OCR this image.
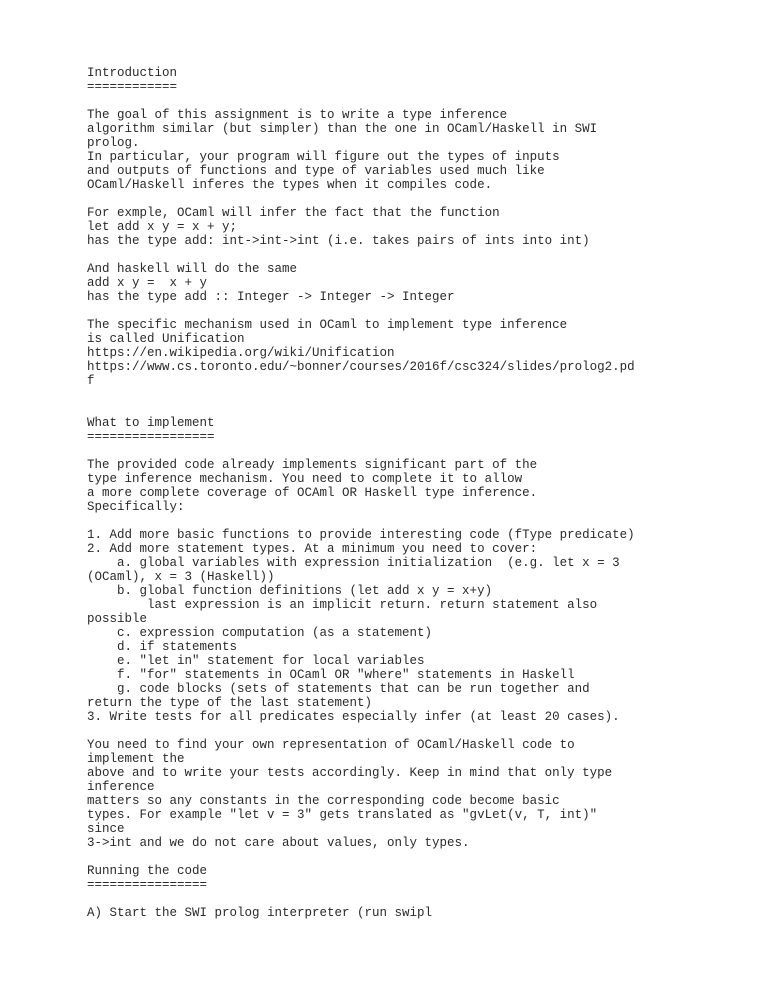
Introduction
============
The goal of this assignment is to write a type inference
algorithm similar (but simpler) than the one in OCaml/Haskell in SWI
prolog.
In particular, your program will figure out the types of inputs
and outputs of functions and type of variables used much like
OCaml/Haskell inferes the types when it compiles code.
For exmple, OCaml will infer the fact that the function
let add x y = x + y;
has the type add: int->int->int (i.e. takes pairs of ints into int)
And haskell will do the same
add x y =  x + y
has the type add :: Integer -> Integer -> Integer
The specific mechanism used in OCaml to implement type inference
is called Unification
https://en.wikipedia.org/wiki/Unification
https://www.cs.toronto.edu/~bonner/courses/2016f/csc324/slides/prolog2.pd
f
What to implement
=================
The provided code already implements significant part of the
type inference mechanism. You need to complete it to allow
a more complete coverage of OCAml OR Haskell type inference.
Specifically:
1. Add more basic functions to provide interesting code (fType predicate)
2. Add more statement types. At a minimum you need to cover:
a. global variables with expression initialization  (e.g. let x = 3
(OCaml), x = 3 (Haskell))
b. global function definitions (let add x y = x+y)
last expression is an implicit return. return statement also
possible
c. expression computation (as a statement)
d. if statements
e. "let in" statement for local variables
f. "for" statements in OCaml OR "where" statements in Haskell
g. code blocks (sets of statements that can be run together and
return the type of the last statement)
3. Write tests for all predicates especially infer (at least 20 cases).
You need to find your own representation of OCaml/Haskell code to
implement the
above and to write your tests accordingly. Keep in mind that only type
inference
matters so any constants in the corresponding code become basic
types. For example "let v = 3" gets translated as "gvLet(v, T, int)"
since
3->int and we do not care about values, only types.
Running the code
================
A) Start the SWI prolog interpreter (run swipl
